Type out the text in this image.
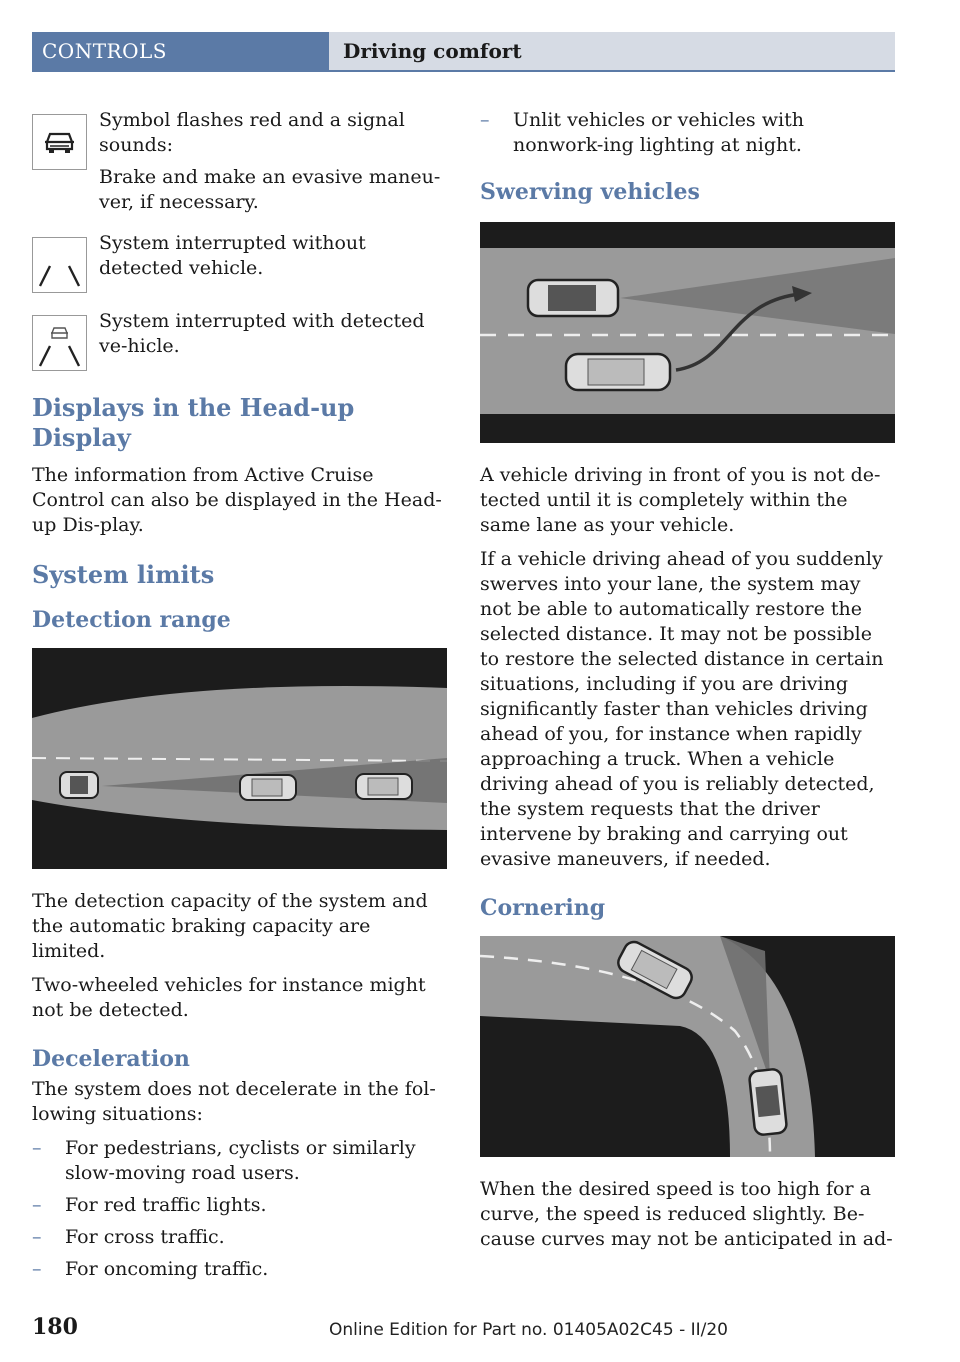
CONTROLS	Driving comfort

Symbol flashes red and a signal sounds:

Brake and make an evasive maneu-ver, if necessary.

System interrupted without detected vehicle.

System interrupted with detected ve-hicle.

Displays in the Head-up Display

The information from Active Cruise Control can also be displayed in the Head-up Dis-play.

System limits
Detection range

The detection capacity of the system and the automatic braking capacity are limited.

Two-wheeled vehicles for instance might not be detected.

Deceleration

The system does not decelerate in the fol-lowing situations:

– For pedestrians, cyclists or similarly slow-moving road users.
– For red traffic lights.
– For cross traffic.
– For oncoming traffic.
– Unlit vehicles or vehicles with nonwork-ing lighting at night.
Swerving vehicles

A vehicle driving in front of you is not de-tected until it is completely within the same lane as your vehicle.

If a vehicle driving ahead of you suddenly swerves into your lane, the system may not be able to automatically restore the selected distance. It may not be possible to restore the selected distance in certain situations, including if you are driving significantly faster than vehicles driving ahead of you, for instance when rapidly approaching a truck. When a vehicle driving ahead of you is reliably detected, the system requests that the driver intervene by braking and carrying out evasive maneuvers, if needed.

Cornering

When the desired speed is too high for a curve, the speed is reduced slightly. Be-cause curves may not be anticipated in ad-

180	Online Edition for Part no. 01405A02C45 - II/20
